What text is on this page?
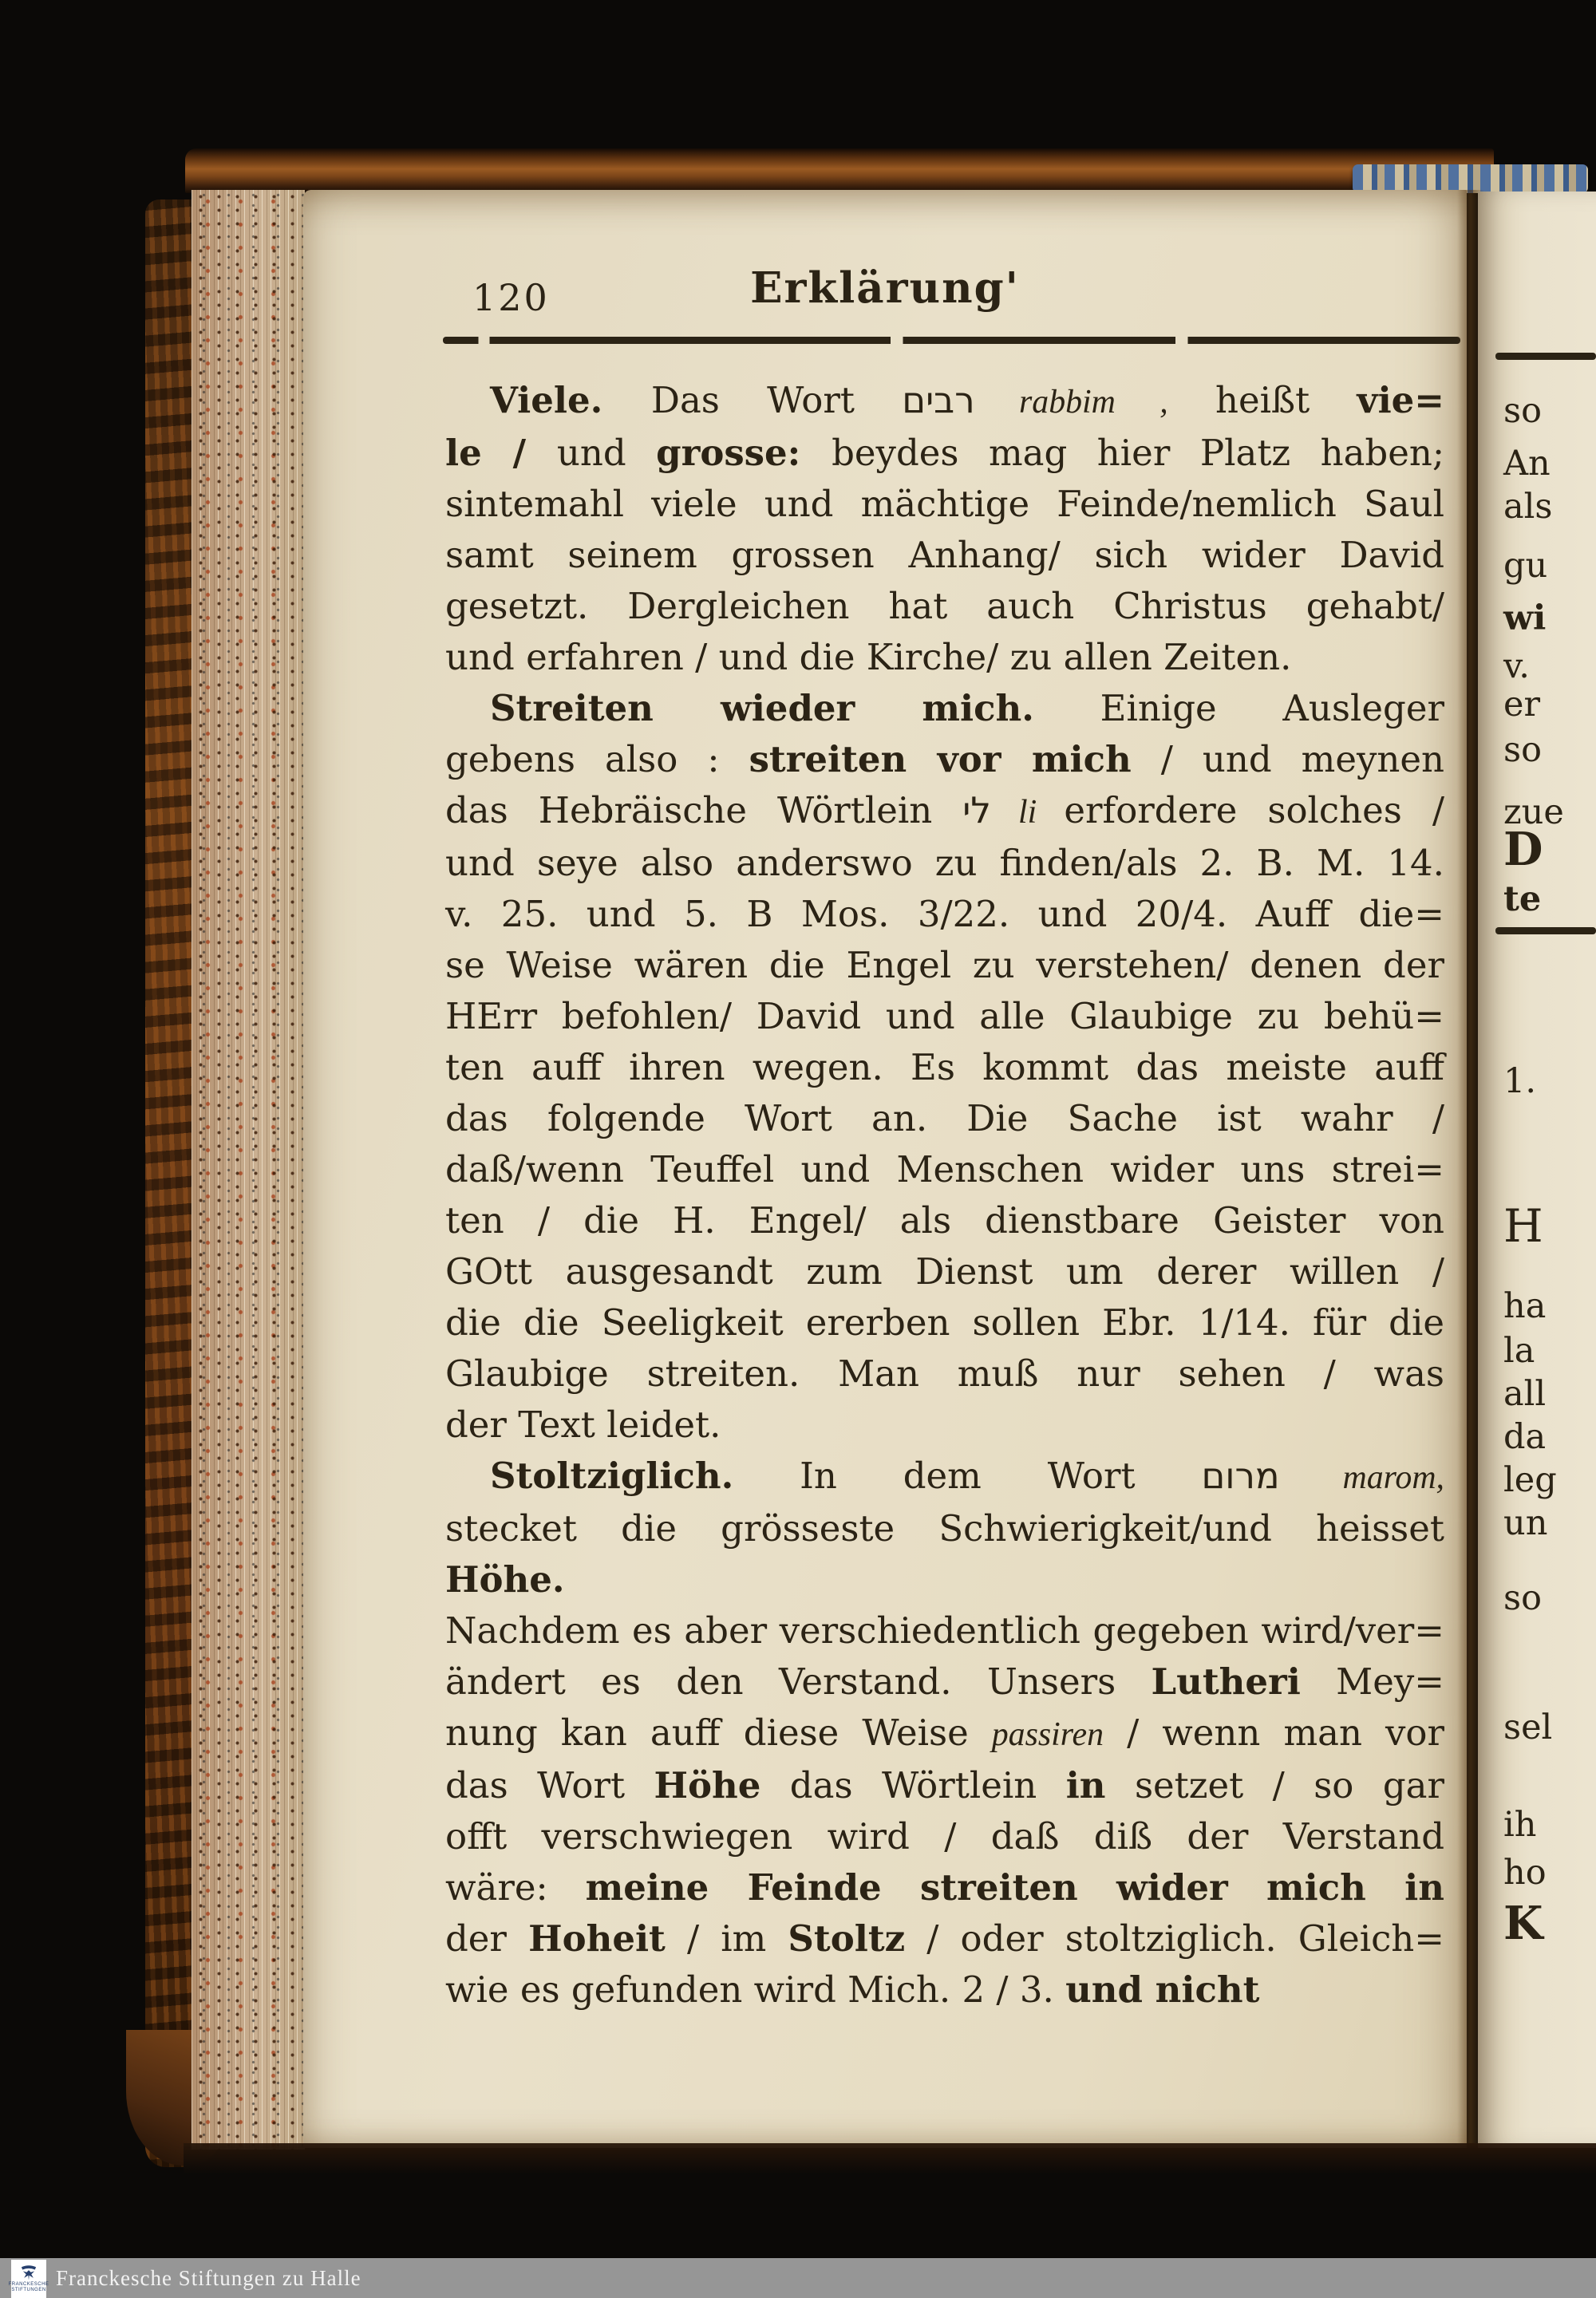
120	Erklärung'
Viele. Das Wort רבים rabbim , heißt vie=
le / und grosse: beydes mag hier Platz haben;
sintemahl viele und mächtige Feinde/nemlich Saul
samt seinem grossen Anhang/ sich wider David
gesetzt. Dergleichen hat auch Christus gehabt/
und erfahren / und die Kirche/ zu allen Zeiten.
Streiten wieder mich. Einige Ausleger
gebens also : streiten vor mich / und meynen
das Hebräische Wörtlein לי li erfordere solches /
und seye also anderswo zu finden/als 2. B. M. 14.
v. 25. und 5. B Mos. 3/22. und 20/4. Auff die=
se Weise wären die Engel zu verstehen/ denen der
HErr befohlen/ David und alle Glaubige zu behü=
ten auff ihren wegen. Es kommt das meiste auff
das folgende Wort an. Die Sache ist wahr /
daß/wenn Teuffel und Menschen wider uns strei=
ten / die H. Engel/ als dienstbare Geister von
GOtt ausgesandt zum Dienst um derer willen /
die die Seeligkeit ererben sollen Ebr. 1/14. für die
Glaubige streiten. Man muß nur sehen / was
der Text leidet.
Stoltziglich. In dem Wort מרום marom,
stecket die grösseste Schwierigkeit/und heisset Höhe.
Nachdem es aber verschiedentlich gegeben wird/ver=
ändert es den Verstand. Unsers Lutheri Mey=
nung kan auff diese Weise passiren / wenn man vor
das Wort Höhe das Wörtlein in setzet / so gar
offt verschwiegen wird / daß diß der Verstand
wäre: meine Feinde streiten wider mich in
der Hoheit / im Stoltz / oder stoltziglich. Gleich=
wie es gefunden wird Mich. 2 / 3. und nicht
so
An
als
gu
wi
v.
er
so
zue
D
te
1.
H
ha
la
all
da
leg
un
so
sel
ih
ho
K
FRANCKESCHE
STIFTUNGEN Franckesche Stiftungen zu Halle
